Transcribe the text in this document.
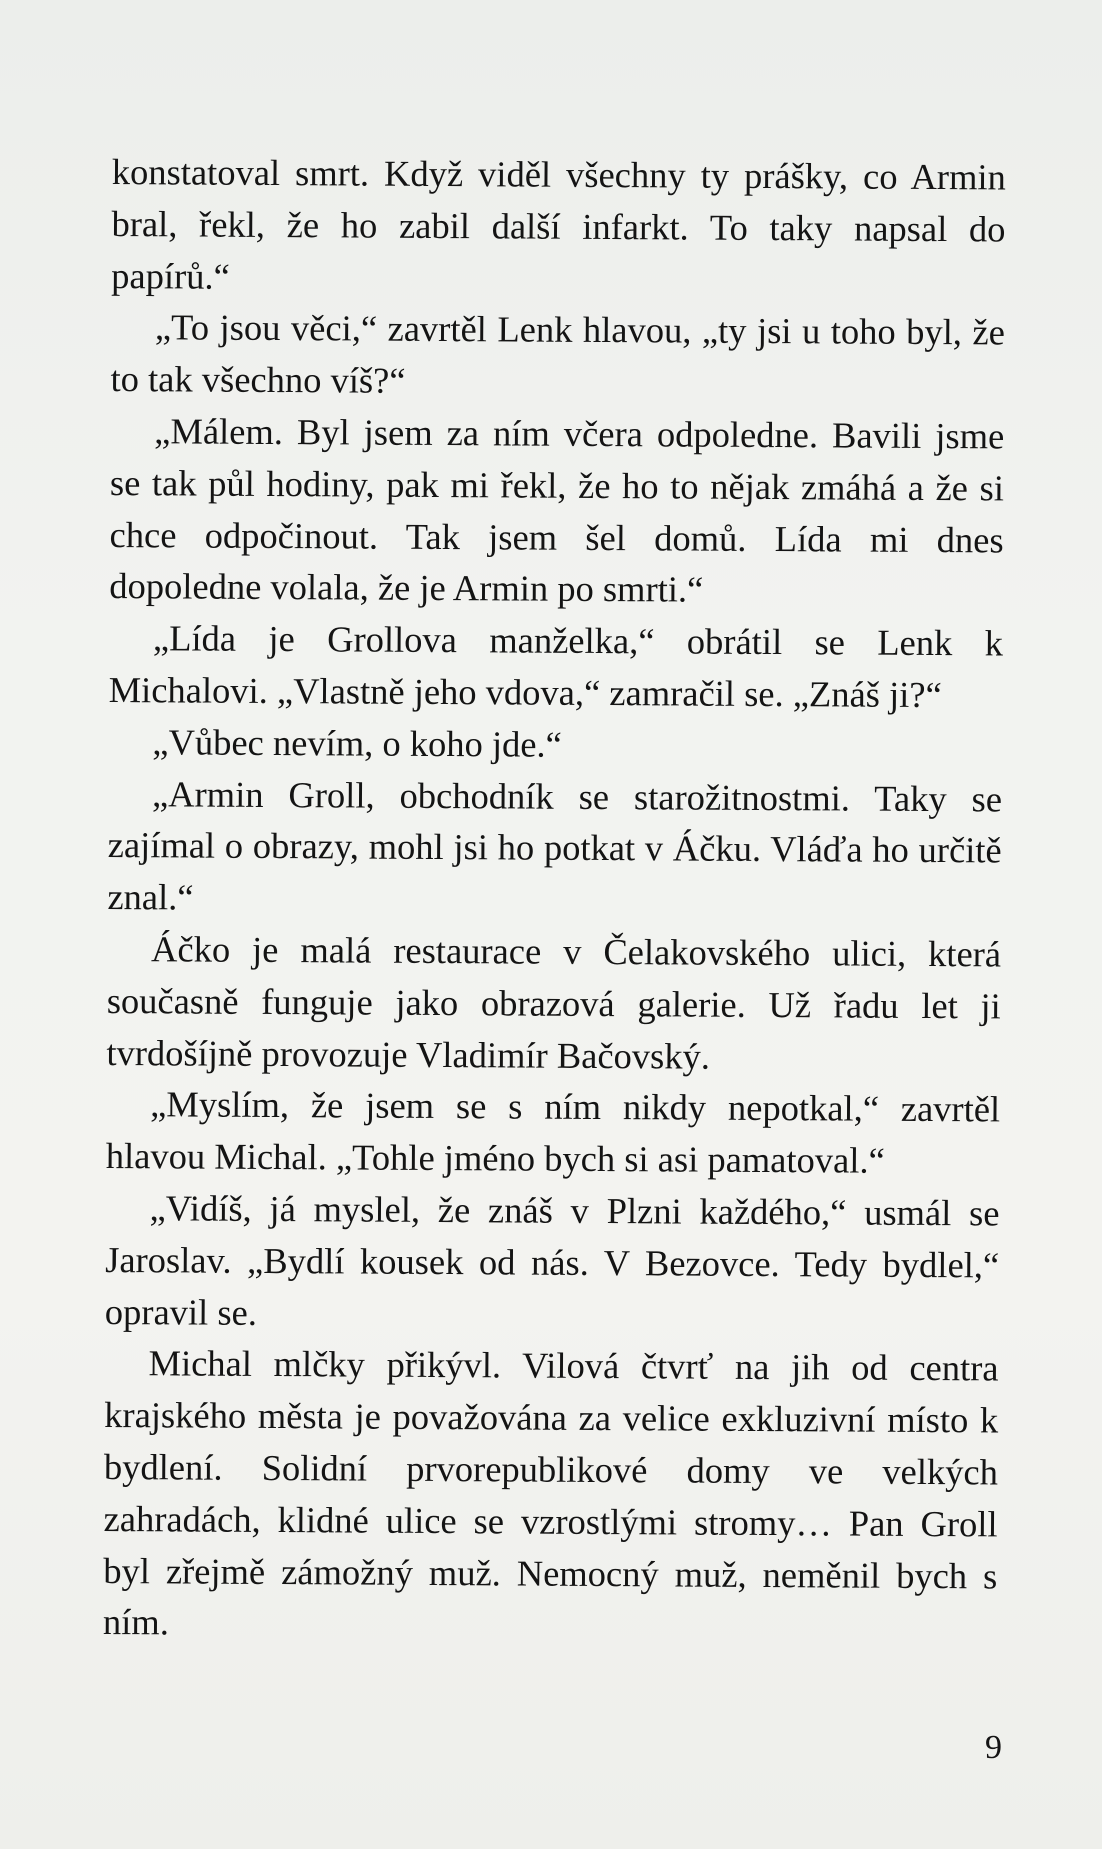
konstatoval smrt. Když viděl všechny ty prášky, co Armin bral, řekl, že ho zabil další infarkt. To taky napsal do papírů.“

„To jsou věci,“ zavrtěl Lenk hlavou, „ty jsi u toho byl, že to tak všechno víš?“

„Málem. Byl jsem za ním včera odpoledne. Bavili jsme se tak půl hodiny, pak mi řekl, že ho to nějak zmáhá a že si chce odpočinout. Tak jsem šel domů. Lída mi dnes dopoledne volala, že je Armin po smrti.“

„Lída je Grollova manželka,“ obrátil se Lenk k Michalovi. „Vlastně jeho vdova,“ zamračil se. „Znáš ji?“

„Vůbec nevím, o koho jde.“

„Armin Groll, obchodník se starožitnostmi. Taky se zajímal o obrazy, mohl jsi ho potkat v Áčku. Vláďa ho určitě znal.“

Áčko je malá restaurace v Čelakovského ulici, která současně funguje jako obrazová galerie. Už řadu let ji tvrdošíjně provozuje Vladimír Bačovský.

„Myslím, že jsem se s ním nikdy nepotkal,“ zavrtěl hlavou Michal. „Tohle jméno bych si asi pamatoval.“

„Vidíš, já myslel, že znáš v Plzni každého,“ usmál se Jaroslav. „Bydlí kousek od nás. V Bezovce. Tedy bydlel,“ opravil se.

Michal mlčky přikývl. Vilová čtvrť na jih od centra krajského města je považována za velice exkluzivní místo k bydlení. Solidní prvorepublikové domy ve velkých zahradách, klidné ulice se vzrostlými stromy… Pan Groll byl zřejmě zámožný muž. Nemocný muž, neměnil bych s ním.

9
